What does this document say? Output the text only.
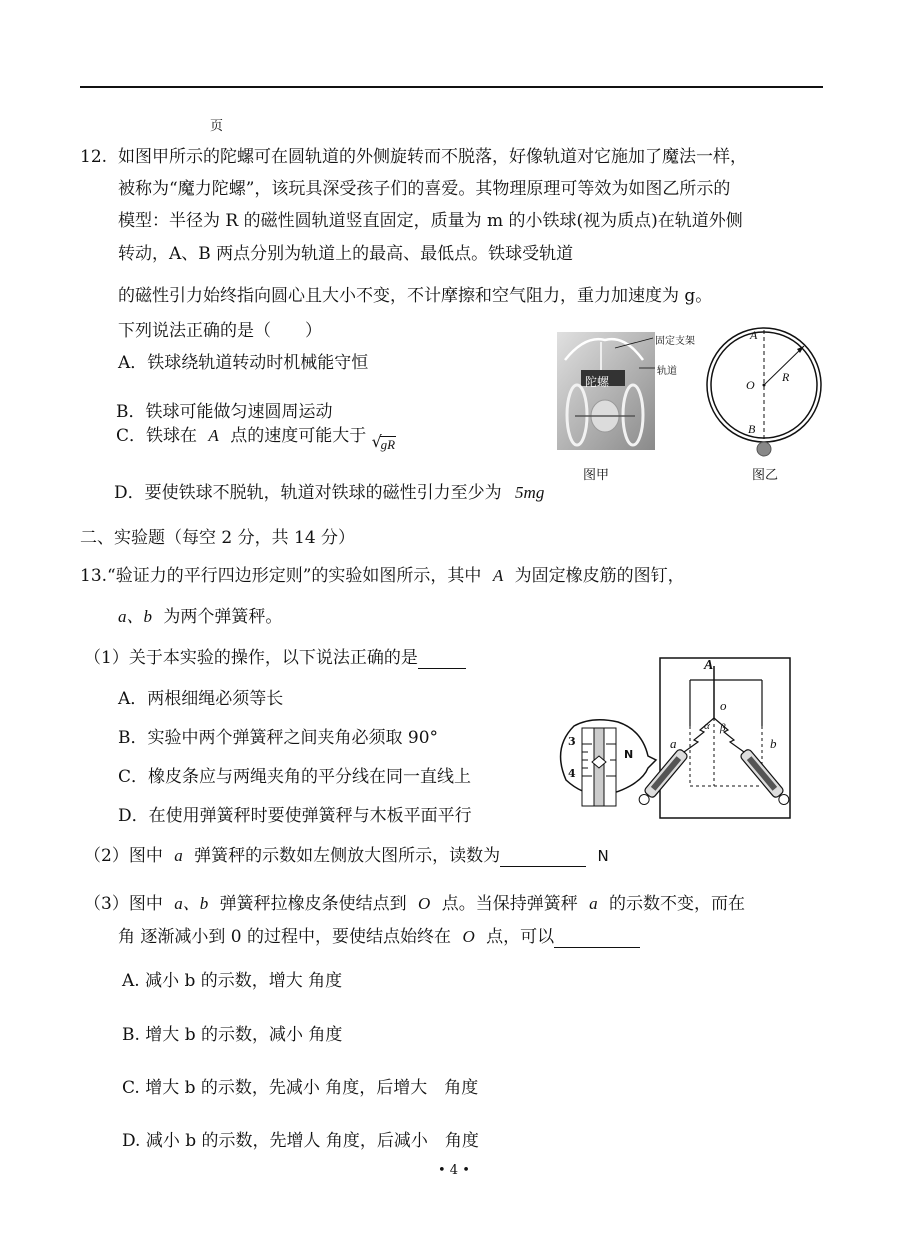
页
12. 如图甲所示的陀螺可在圆轨道的外侧旋转而不脱落，好像轨道对它施加了魔法一样，
被称为“魔力陀螺”，该玩具深受孩子们的喜爱。其物理原理可等效为如图乙所示的
模型：半径为 R 的磁性圆轨道竖直固定，质量为 m 的小铁球(视为质点)在轨道外侧
转动，A、B 两点分别为轨道上的最高、最低点。铁球受轨道
的磁性引力始终指向圆心且大小不变，不计摩擦和空气阻力，重力加速度为 g。
下列说法正确的是（　　）
A．铁球绕轨道转动时机械能守恒
B．铁球可能做匀速圆周运动
C．铁球在 A 点的速度可能大于 √
gR
D．要使铁球不脱轨，轨道对铁球的磁性引力至少为 5mg
陀螺
固定支架
轨道
图甲
A
B
O
R
图乙
二、实验题（每空 2 分，共 14 分）
13.“验证力的平行四边形定则”的实验如图所示，其中 A 为固定橡皮筋的图钉，
a、b 为两个弹簧秤。
（1）关于本实验的操作，以下说法正确的是
A．两根细绳必须等长
B．实验中两个弹簧秤之间夹角必须取 90°
C．橡皮条应与两绳夹角的平分线在同一直线上
D．在使用弹簧秤时要使弹簧秤与木板平面平行
A
o
a	b
α β
3
4
N
（2）图中 a 弹簧秤的示数如左侧放大图所示，读数为	N
（3）图中 a、b 弹簧秤拉橡皮条使结点到 O 点。当保持弹簧秤 a 的示数不变，而在
角 逐渐减小到 0 的过程中，要使结点始终在 O 点，可以
A. 减小 b 的示数，增大 角度
B. 增大 b 的示数，减小 角度
C. 增大 b 的示数，先减小 角度，后增大　角度
D. 减小 b 的示数，先增人 角度，后减小　角度
• 4 •
